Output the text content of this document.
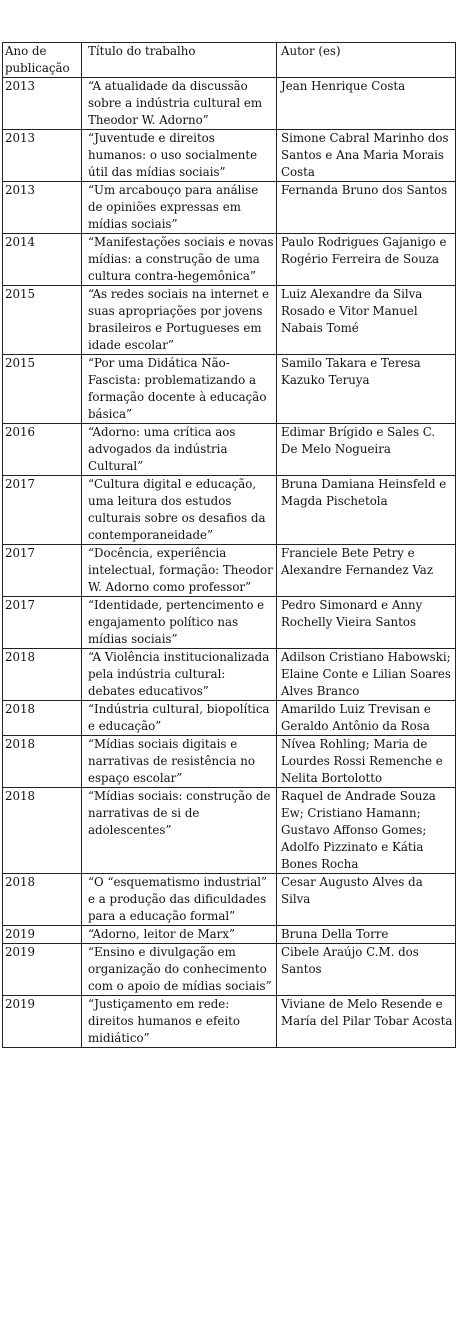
Ano de publicação	Título do trabalho	Autor (es)
2013	“A atualidade da discussão sobre a indústria cultural em Theodor W. Adorno”	Jean Henrique Costa
2013	“Juventude e direitos humanos: o uso socialmente útil das mídias sociais”	Simone Cabral Marinho dos Santos e Ana Maria Morais Costa
2013	“Um arcabouço para análise de opiniões expressas em mídias sociais”	Fernanda Bruno dos Santos
2014	“Manifestações sociais e novas mídias: a construção de uma cultura contra-hegemônica”	Paulo Rodrigues Gajanigo e Rogério Ferreira de Souza
2015	“As redes sociais na internet e suas apropriações por jovens brasileiros e Portugueses em idade escolar”	Luiz Alexandre da Silva Rosado e Vitor Manuel Nabais Tomé
2015	“Por uma Didática Não-Fascista: problematizando a formação docente à educação básica”	Samilo Takara e Teresa Kazuko Teruya
2016	“Adorno: uma crítica aos advogados da indústria Cultural”	Edimar Brígido e Sales C. De Melo Nogueira
2017	“Cultura digital e educação, uma leitura dos estudos culturais sobre os desafios da contemporaneidade”	Bruna Damiana Heinsfeld e Magda Pischetola
2017	“Docência, experiência intelectual, formação: Theodor W. Adorno como professor”	Franciele Bete Petry e Alexandre Fernandez Vaz
2017	“Identidade, pertencimento e engajamento político nas mídias sociais”	Pedro Simonard e Anny Rochelly Vieira Santos
2018	“A Violência institucionalizada pela indústria cultural: debates educativos”	Adilson Cristiano Habowski; Elaine Conte e Lilian Soares Alves Branco
2018	“Indústria cultural, biopolítica e educação”	Amarildo Luiz Trevisan e Geraldo Antônio da Rosa
2018	“Mídias sociais digitais e narrativas de resistência no espaço escolar”	Nívea Rohling; Maria de Lourdes Rossi Remenche e Nelita Bortolotto
2018	“Mídias sociais: construção de narrativas de si de adolescentes”	Raquel de Andrade Souza Ew; Cristiano Hamann; Gustavo Affonso Gomes; Adolfo Pizzinato e Kátia Bones Rocha
2018	“O “esquematismo industrial” e a produção das dificuldades para a educação formal”	Cesar Augusto Alves da Silva
2019	“Adorno, leitor de Marx”	Bruna Della Torre
2019	“Ensino e divulgação em organização do conhecimento com o apoio de mídias sociais”	Cibele Araújo C.M. dos Santos
2019	“Justiçamento em rede: direitos humanos e efeito midiático”	Viviane de Melo Resende e María del Pilar Tobar Acosta
